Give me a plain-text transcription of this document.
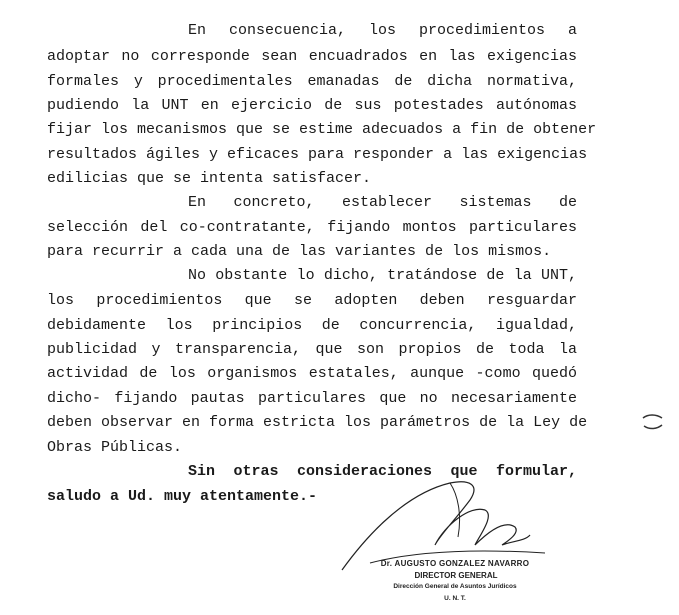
En consecuencia, los procedimientos a
adoptar no corresponde sean encuadrados en las exigencias
formales y procedimentales emanadas de dicha normativa,
pudiendo la UNT en ejercicio de sus potestades autónomas
fijar los mecanismos que se estime adecuados a fin de obtener
resultados ágiles y eficaces para responder a las exigencias
edilicias que se intenta satisfacer.
En concreto, establecer sistemas de
selección del co-contratante, fijando montos particulares
para recurrir a cada una de las variantes de los mismos.
No obstante lo dicho, tratándose de la UNT,
los procedimientos que se adopten deben resguardar
debidamente los principios de concurrencia, igualdad,
publicidad y transparencia, que son propios de toda la
actividad de los organismos estatales, aunque -como quedó
dicho- fijando pautas particulares que no necesariamente
deben observar en forma estricta los parámetros de la Ley de
Obras Públicas.
Sin otras consideraciones que formular,
saludo a Ud. muy atentamente.-
Dr. AUGUSTO GONZALEZ NAVARRO
DIRECTOR GENERAL
Dirección General de Asuntos Jurídicos
U. N. T.
